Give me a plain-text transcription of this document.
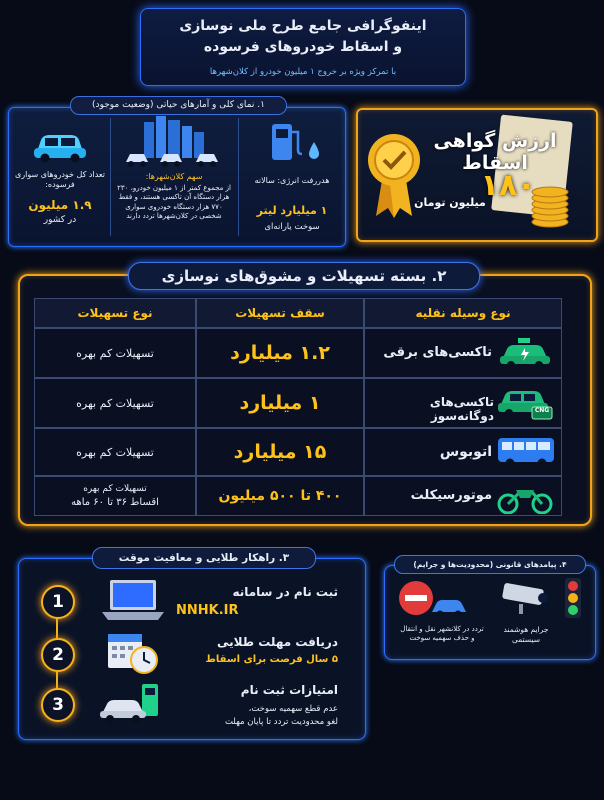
اینفوگرافی جامع طرح ملی نوسازی
و اسقاط خودروهای فرسوده
با تمرکز ویژه بر خروج ۱ میلیون خودرو از کلان‌شهرها
۱. نمای کلی و آمارهای حیاتی (وضعیت موجود)
تعداد کل خودروهای سواری فرسوده:
۱.۹ میلیون
در کشور
سهم کلان‌شهرها:
از مجموع کمتر از ۱ میلیون خودرو، ۲۳۰ هزار دستگاه آن تاکسی هستند، و فقط ۷۷۰ هزار دستگاه خودروی سواری شخصی در کلان‌شهرها تردد دارند
هدررفت انرژی: سالانه
۱ میلیارد لیتر
سوخت یارانه‌ای
ارزش گواهی اسقاط
۱۸۰
میلیون تومان
۲. بسته تسهیلات و مشوق‌های نوسازی
نوع وسیله نقلیه
سقف تسهیلات
نوع تسهیلات
تاکسی‌های برقی
۱.۲ میلیارد
تسهیلات کم بهره
CNG
تاکسی‌های دوگانه‌سوز
۱ میلیارد
تسهیلات کم بهره
اتوبوس
۱۵ میلیارد
تسهیلات کم بهره
موتورسیکلت
۴۰۰ تا ۵۰۰ میلیون
تسهیلات کم بهره
اقساط ۳۶ تا ۶۰ ماهه
۳. راهکار طلایی و معافیت موقت
1	ثبت نام در سامانه
NNHK.IR
2
دریافت مهلت طلایی
۵ سال فرصت برای اسقاط
3
امتیازات ثبت نام
عدم قطع سهمیه سوخت،
لغو محدودیت تردد تا پایان مهلت
۴. پیامدهای قانونی (محدودیت‌ها و جرایم)
جرایم هوشمند سیستمی
تردد در کلانشهر نقل و انتقال و حذف سهمیه سوخت
